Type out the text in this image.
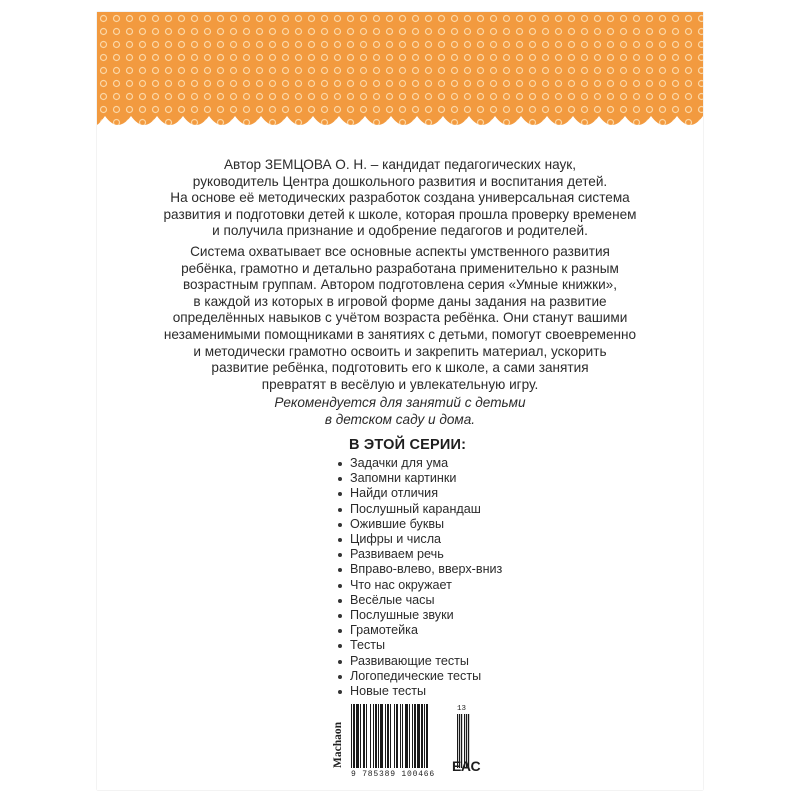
Автор ЗЕМЦОВА О. Н. – кандидат педагогических наук,
руководитель Центра дошкольного развития и воспитания детей.
На основе её методических разработок создана универсальная система
развития и подготовки детей к школе, которая прошла проверку временем
и получила признание и одобрение педагогов и родителей.
Система охватывает все основные аспекты умственного развития
ребёнка, грамотно и детально разработана применительно к разным
возрастным группам. Автором подготовлена серия «Умные книжки»,
в каждой из которых в игровой форме даны задания на развитие
определённых навыков с учётом возраста ребёнка. Они станут вашими
незаменимыми помощниками в занятиях с детьми, помогут своевременно
и методически грамотно освоить и закрепить материал, ускорить
развитие ребёнка, подготовить его к школе, а сами занятия
превратят в весёлую и увлекательную игру.
Рекомендуется для занятий с детьми
в детском саду и дома.
В ЭТОЙ СЕРИИ:
Задачки для ума
Запомни картинки
Найди отличия
Послушный карандаш
Ожившие буквы
Цифры и числа
Развиваем речь
Вправо-влево, вверх-вниз
Что нас окружает
Весёлые часы
Послушные звуки
Грамотейка
Тесты
Развивающие тесты
Логопедические тесты
Новые тесты
Machaon
13
9 785389 100466
EAC
